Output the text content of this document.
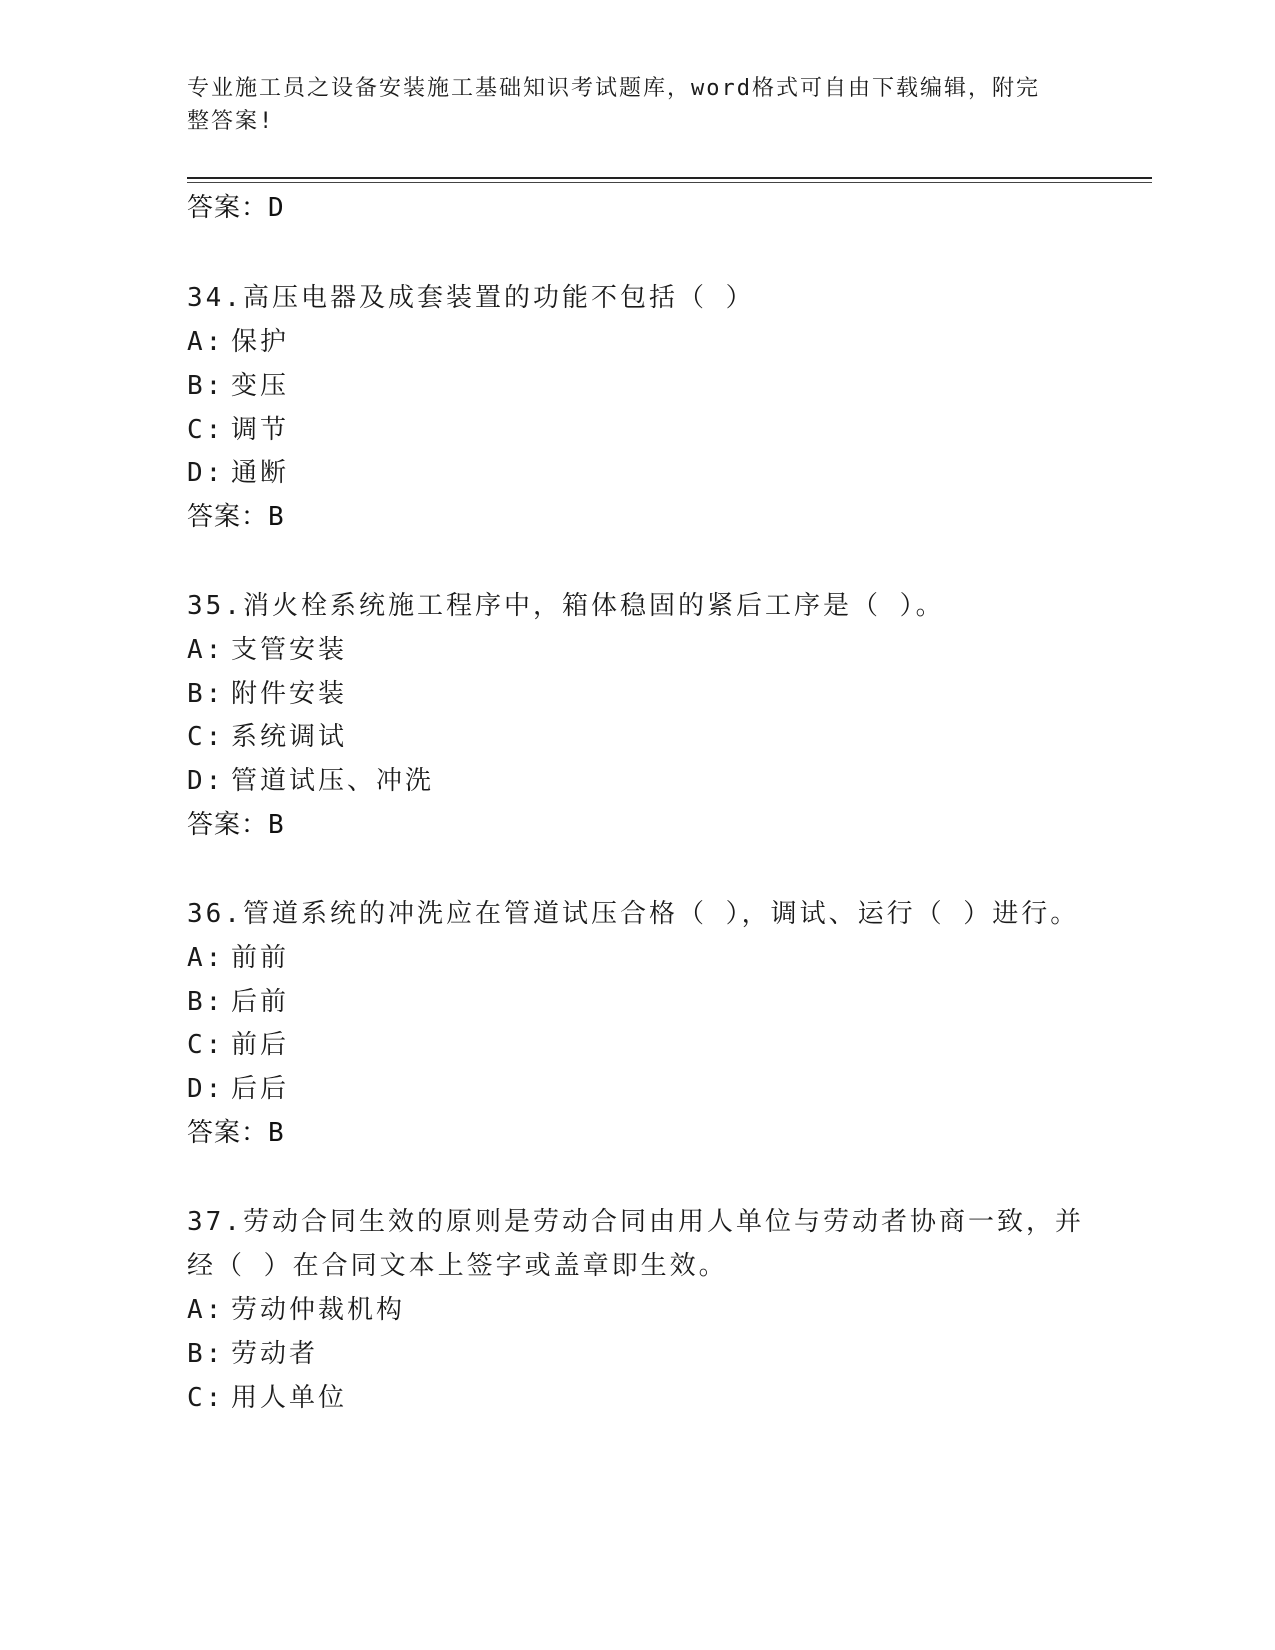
专业施工员之设备安装施工基础知识考试题库，word格式可自由下载编辑，附完
整答案!
答案：D
34.高压电器及成套装置的功能不包括（ ）
A: 保护
B: 变压
C: 调节
D: 通断
答案：B
35.消火栓系统施工程序中，箱体稳固的紧后工序是（ ）。
A: 支管安装
B: 附件安装
C: 系统调试
D: 管道试压、冲洗
答案：B
36.管道系统的冲洗应在管道试压合格（ ），调试、运行（ ）进行。
A: 前前
B: 后前
C: 前后
D: 后后
答案：B
37.劳动合同生效的原则是劳动合同由用人单位与劳动者协商一致，并
经（ ）在合同文本上签字或盖章即生效。
A: 劳动仲裁机构
B: 劳动者
C: 用人单位
